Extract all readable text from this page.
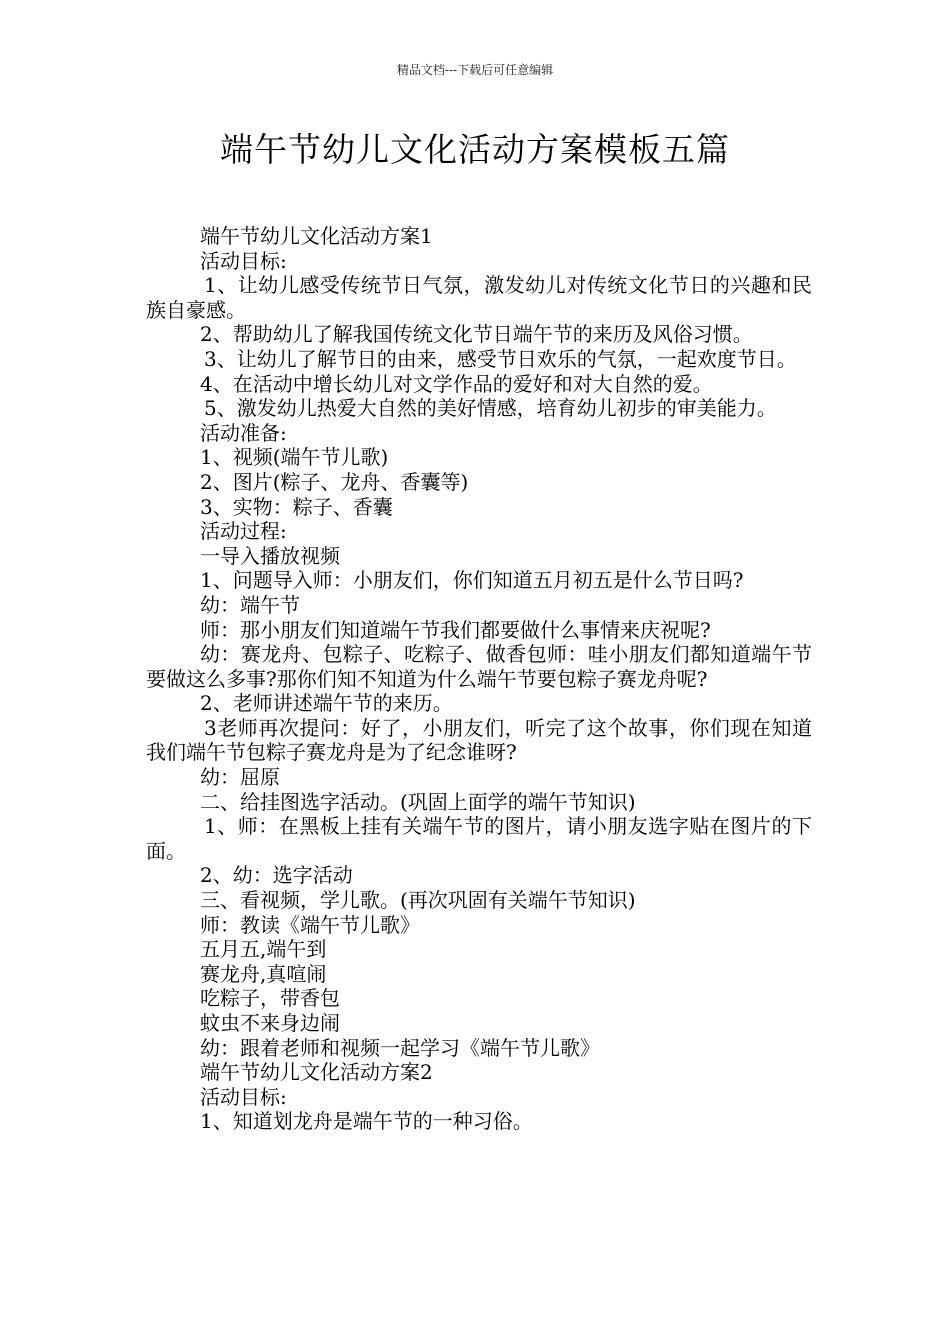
精品文档---下载后可任意编辑
端午节幼儿文化活动方案模板五篇

端午节幼儿文化活动方案1

活动目标:

1、让幼儿感受传统节日气氛，激发幼儿对传统文化节日的兴趣和民族自豪感。

2、帮助幼儿了解我国传统文化节日端午节的来历及风俗习惯。

3、让幼儿了解节日的由来，感受节日欢乐的气氛，一起欢度节日。

4、在活动中增长幼儿对文学作品的爱好和对大自然的爱。

5、激发幼儿热爱大自然的美好情感，培育幼儿初步的审美能力。

活动准备:

1、视频(端午节儿歌)

2、图片(粽子、龙舟、香囊等)

3、实物：粽子、香囊

活动过程:

一导入播放视频

1、问题导入师：小朋友们，你们知道五月初五是什么节日吗?

幼：端午节

师：那小朋友们知道端午节我们都要做什么事情来庆祝呢?

幼：赛龙舟、包粽子、吃粽子、做香包师：哇小朋友们都知道端午节要做这么多事?那你们知不知道为什么端午节要包粽子赛龙舟呢?

2、老师讲述端午节的来历。

3老师再次提问：好了，小朋友们，听完了这个故事，你们现在知道我们端午节包粽子赛龙舟是为了纪念谁呀?

幼：屈原

二、给挂图选字活动。(巩固上面学的端午节知识)

1、师：在黑板上挂有关端午节的图片，请小朋友选字贴在图片的下面。

2、幼：选字活动

三、看视频，学儿歌。(再次巩固有关端午节知识)

师：教读《端午节儿歌》

五月五,端午到

赛龙舟,真喧闹

吃粽子，带香包

蚊虫不来身边闹

幼：跟着老师和视频一起学习《端午节儿歌》

端午节幼儿文化活动方案2

活动目标:

1、知道划龙舟是端午节的一种习俗。
